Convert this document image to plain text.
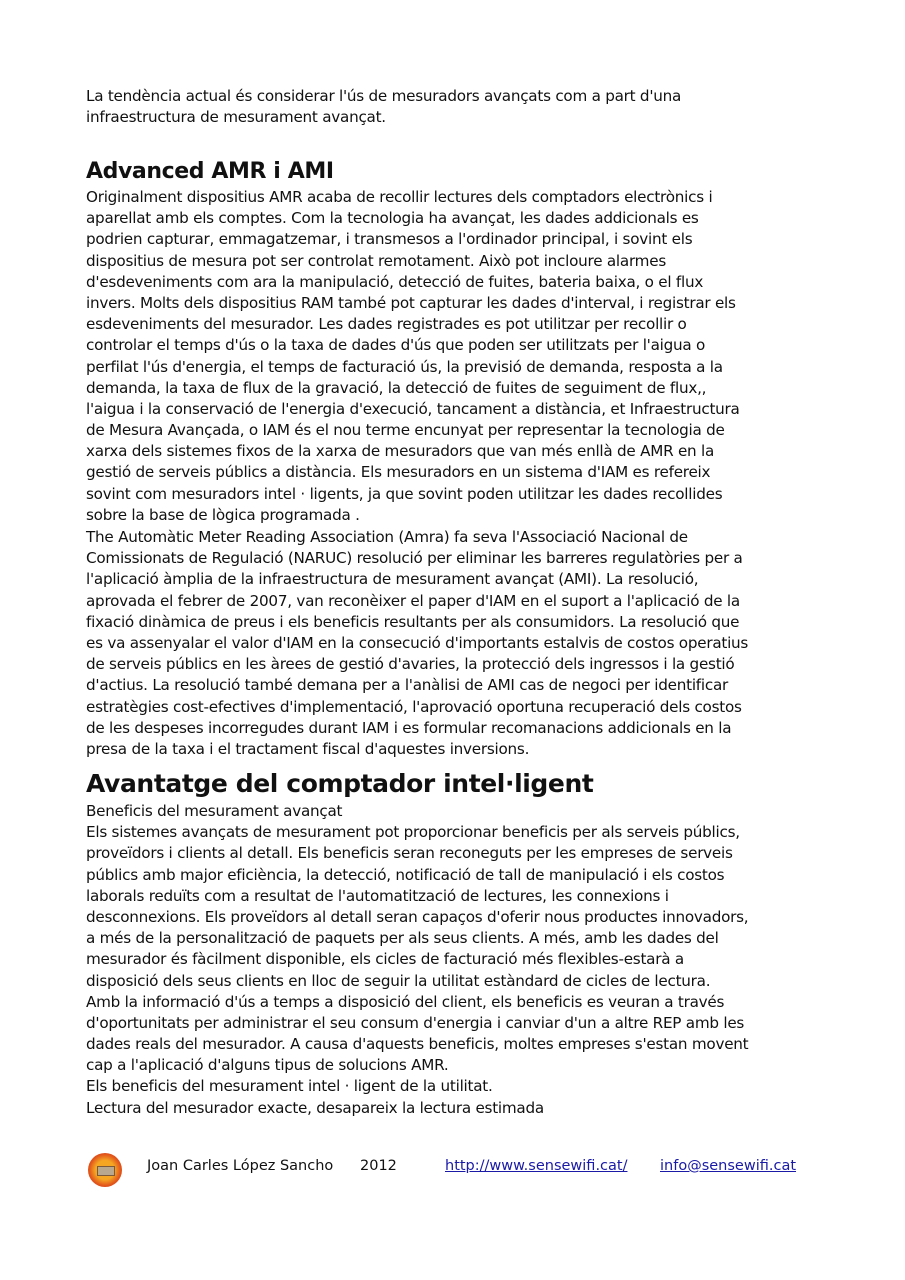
La tendència actual és considerar l'ús de mesuradors avançats com a part d'una
infraestructura de mesurament avançat.
Advanced AMR i AMI
Originalment dispositius AMR acaba de recollir lectures dels comptadors electrònics i
aparellat amb els comptes. Com la tecnologia ha avançat, les dades addicionals es
podrien capturar, emmagatzemar, i transmesos a l'ordinador principal, i sovint els
dispositius de mesura pot ser controlat remotament. Això pot incloure alarmes
d'esdeveniments com ara la manipulació, detecció de fuites, bateria baixa, o el flux
invers. Molts dels dispositius RAM també pot capturar les dades d'interval, i registrar els
esdeveniments del mesurador. Les dades registrades es pot utilitzar per recollir o
controlar el temps d'ús o la taxa de dades d'ús que poden ser utilitzats per l'aigua o
perfilat l'ús d'energia, el temps de facturació ús, la previsió de demanda, resposta a la
demanda, la taxa de flux de la gravació, la detecció de fuites de seguiment de flux,,
l'aigua i la conservació de l'energia d'execució, tancament a distància, et Infraestructura
de Mesura Avançada, o IAM és el nou terme encunyat per representar la tecnologia de
xarxa dels sistemes fixos de la xarxa de mesuradors que van més enllà de AMR en la
gestió de serveis públics a distància. Els mesuradors en un sistema d'IAM es refereix
sovint com mesuradors intel · ligents, ja que sovint poden utilitzar les dades recollides
sobre la base de lògica programada .
The Automàtic Meter Reading Association (Amra) fa seva l'Associació Nacional de
Comissionats de Regulació (NARUC) resolució per eliminar les barreres regulatòries per a
l'aplicació àmplia de la infraestructura de mesurament avançat (AMI). La resolució,
aprovada el febrer de 2007, van reconèixer el paper d'IAM en el suport a l'aplicació de la
fixació dinàmica de preus i els beneficis resultants per als consumidors. La resolució que
es va assenyalar el valor d'IAM en la consecució d'importants estalvis de costos operatius
de serveis públics en les àrees de gestió d'avaries, la protecció dels ingressos i la gestió
d'actius. La resolució també demana per a l'anàlisi de AMI cas de negoci per identificar
estratègies cost-efectives d'implementació, l'aprovació oportuna recuperació dels costos
de les despeses incorregudes durant IAM i es formular recomanacions addicionals en la
presa de la taxa i el tractament fiscal d'aquestes inversions.
Avantatge del comptador intel·ligent
Beneficis del mesurament avançat
Els sistemes avançats de mesurament pot proporcionar beneficis per als serveis públics,
proveïdors i clients al detall. Els beneficis seran reconeguts per les empreses de serveis
públics amb major eficiència, la detecció, notificació de tall de manipulació i els costos
laborals reduïts com a resultat de l'automatització de lectures, les connexions i
desconnexions. Els proveïdors al detall seran capaços d'oferir nous productes innovadors,
a més de la personalització de paquets per als seus clients. A més, amb les dades del
mesurador és fàcilment disponible, els cicles de facturació més flexibles-estarà a
disposició dels seus clients en lloc de seguir la utilitat estàndard de cicles de lectura.
Amb la informació d'ús a temps a disposició del client, els beneficis es veuran a través
d'oportunitats per administrar el seu consum d'energia i canviar d'un a altre REP amb les
dades reals del mesurador. A causa d'aquests beneficis, moltes empreses s'estan movent
cap a l'aplicació d'alguns tipus de solucions AMR.
Els beneficis del mesurament intel · ligent de la utilitat.
Lectura del mesurador exacte, desapareix la lectura estimada
Joan Carles López Sancho 2012	http://www.sensewifi.cat/ info@sensewifi.cat
